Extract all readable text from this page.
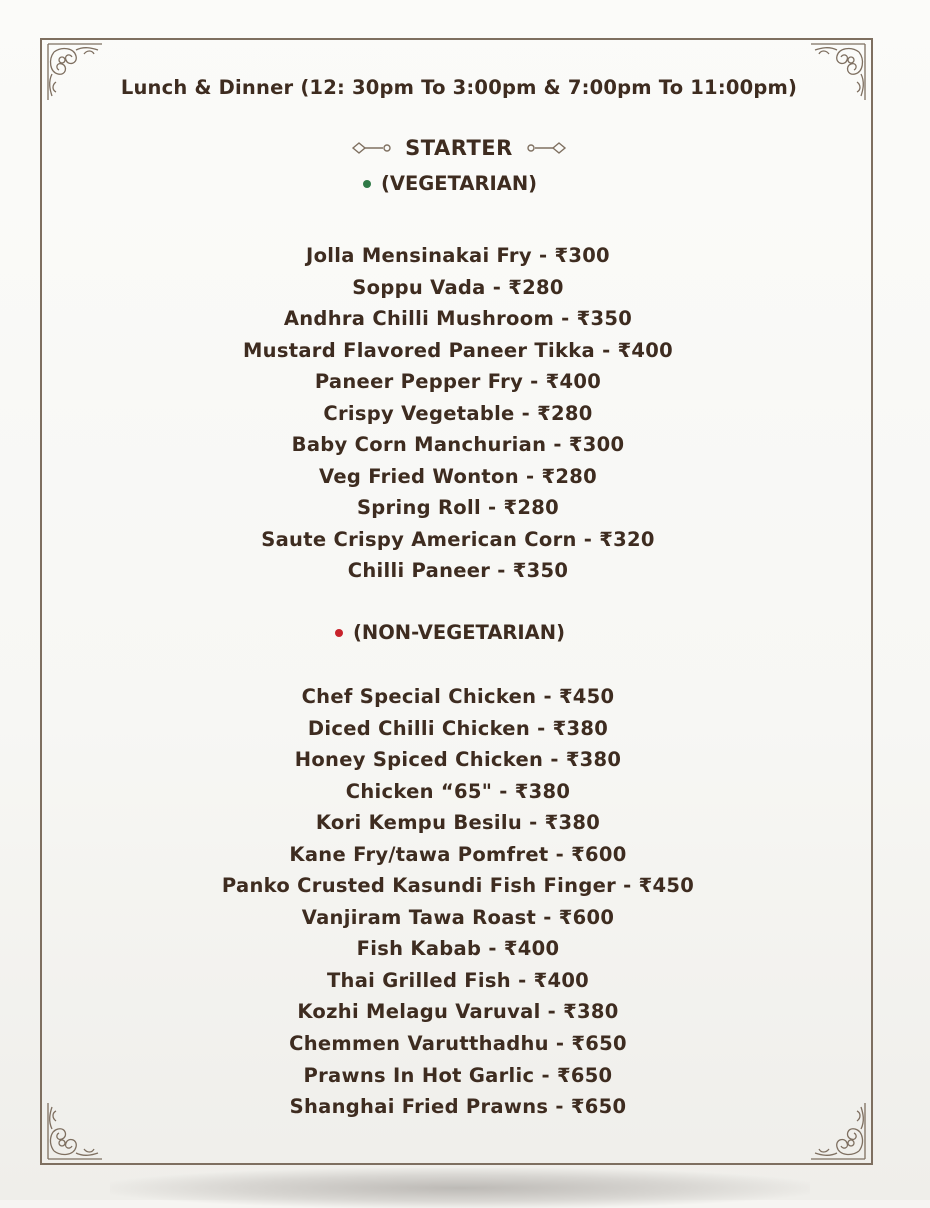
Lunch & Dinner (12: 30pm To 3:00pm & 7:00pm To 11:00pm)
STARTER
(VEGETARIAN)
Jolla Mensinakai Fry - ₹300
Soppu Vada - ₹280
Andhra Chilli Mushroom - ₹350
Mustard Flavored Paneer Tikka - ₹400
Paneer Pepper Fry - ₹400
Crispy Vegetable - ₹280
Baby Corn Manchurian - ₹300
Veg Fried Wonton - ₹280
Spring Roll - ₹280
Saute Crispy American Corn - ₹320
Chilli Paneer - ₹350
(NON-VEGETARIAN)
Chef Special Chicken - ₹450
Diced Chilli Chicken - ₹380
Honey Spiced Chicken - ₹380
Chicken “65" - ₹380
Kori Kempu Besilu - ₹380
Kane Fry/tawa Pomfret - ₹600
Panko Crusted Kasundi Fish Finger - ₹450
Vanjiram Tawa Roast - ₹600
Fish Kabab - ₹400
Thai Grilled Fish - ₹400
Kozhi Melagu Varuval - ₹380
Chemmen Varutthadhu - ₹650
Prawns In Hot Garlic - ₹650
Shanghai Fried Prawns - ₹650
